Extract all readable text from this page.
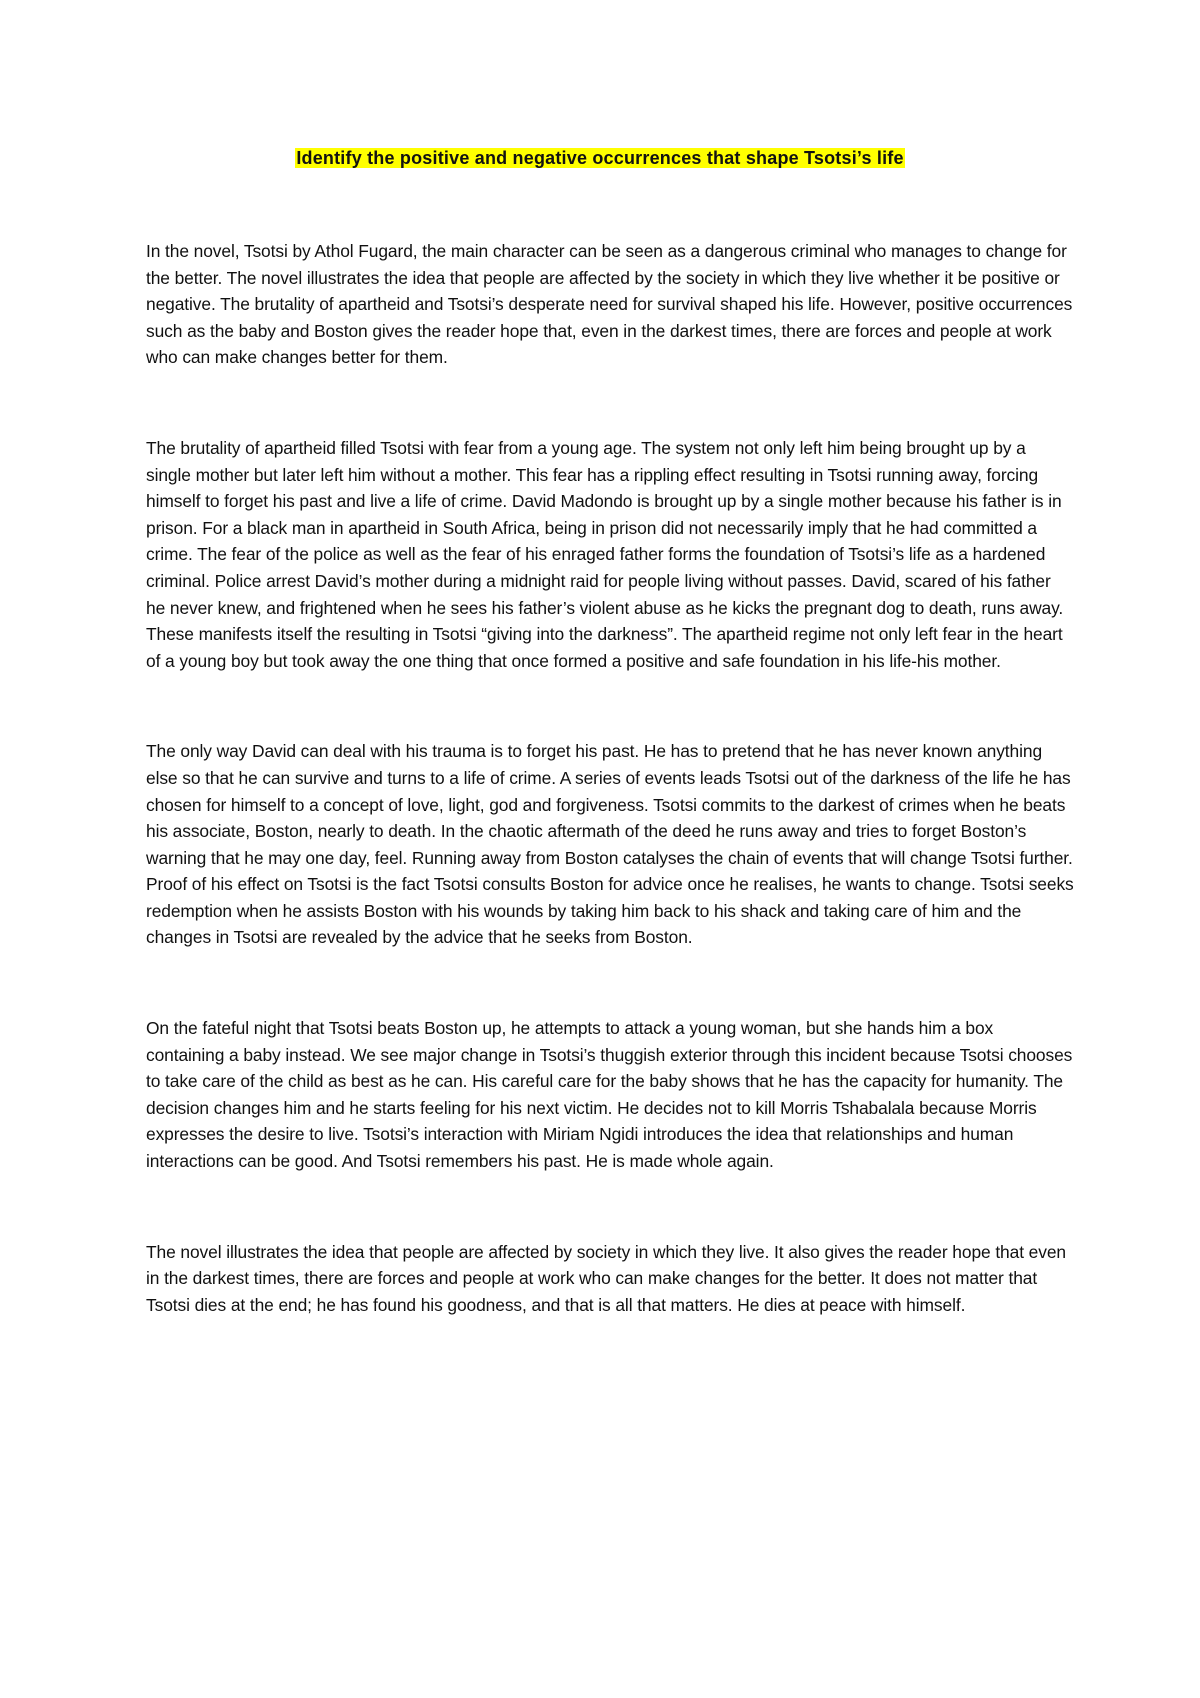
Identify the positive and negative occurrences that shape Tsotsi’s life

In the novel, Tsotsi by Athol Fugard, the main character can be seen as a dangerous criminal who manages to change for the better. The novel illustrates the idea that people are affected by the society in which they live whether it be positive or negative. The brutality of apartheid and Tsotsi’s desperate need for survival shaped his life. However, positive occurrences such as the baby and Boston gives the reader hope that, even in the darkest times, there are forces and people at work who can make changes better for them.

The brutality of apartheid filled Tsotsi with fear from a young age. The system not only left him being brought up by a single mother but later left him without a mother. This fear has a rippling effect resulting in Tsotsi running away, forcing himself to forget his past and live a life of crime. David Madondo is brought up by a single mother because his father is in prison. For a black man in apartheid in South Africa, being in prison did not necessarily imply that he had committed a crime. The fear of the police as well as the fear of his enraged father forms the foundation of Tsotsi’s life as a hardened criminal. Police arrest David’s mother during a midnight raid for people living without passes. David, scared of his father he never knew, and frightened when he sees his father’s violent abuse as he kicks the pregnant dog to death, runs away. These manifests itself the resulting in Tsotsi “giving into the darkness”. The apartheid regime not only left fear in the heart of a young boy but took away the one thing that once formed a positive and safe foundation in his life-his mother.

The only way David can deal with his trauma is to forget his past. He has to pretend that he has never known anything else so that he can survive and turns to a life of crime. A series of events leads Tsotsi out of the darkness of the life he has chosen for himself to a concept of love, light, god and forgiveness. Tsotsi commits to the darkest of crimes when he beats his associate, Boston, nearly to death. In the chaotic aftermath of the deed he runs away and tries to forget Boston’s warning that he may one day, feel. Running away from Boston catalyses the chain of events that will change Tsotsi further. Proof of his effect on Tsotsi is the fact Tsotsi consults Boston for advice once he realises, he wants to change. Tsotsi seeks redemption when he assists Boston with his wounds by taking him back to his shack and taking care of him and the changes in Tsotsi are revealed by the advice that he seeks from Boston.

On the fateful night that Tsotsi beats Boston up, he attempts to attack a young woman, but she hands him a box containing a baby instead. We see major change in Tsotsi’s thuggish exterior through this incident because Tsotsi chooses to take care of the child as best as he can. His careful care for the baby shows that he has the capacity for humanity. The decision changes him and he starts feeling for his next victim. He decides not to kill Morris Tshabalala because Morris expresses the desire to live. Tsotsi’s interaction with Miriam Ngidi introduces the idea that relationships and human interactions can be good. And Tsotsi remembers his past. He is made whole again.

The novel illustrates the idea that people are affected by society in which they live. It also gives the reader hope that even in the darkest times, there are forces and people at work who can make changes for the better. It does not matter that Tsotsi dies at the end; he has found his goodness, and that is all that matters. He dies at peace with himself.
